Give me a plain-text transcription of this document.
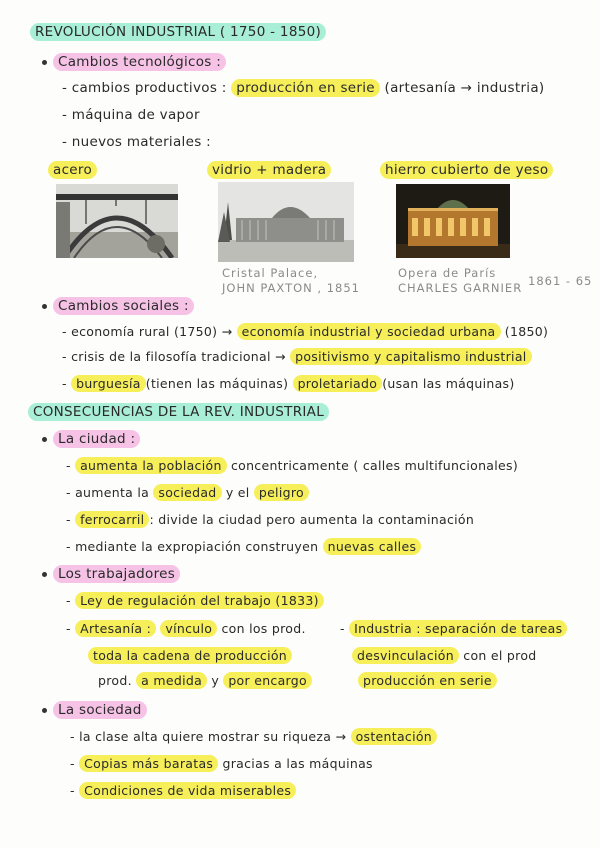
REVOLUCIÓN INDUSTRIAL ( 1750 - 1850)
Cambios tecnológicos :
- cambios productivos : producción en serie (artesanía → industria)
- máquina de vapor
- nuevos materiales :
acero	vidrio + madera	hierro cubierto de yeso
Cristal Palace,
JOHN PAXTON , 1851
Opera de París
CHARLES GARNIER 1861 - 65
Cambios sociales :
- economía rural (1750) → economía industrial y sociedad urbana (1850)
- crisis de la filosofía tradicional → positivismo y capitalismo industrial
- burguesía (tienen las máquinas) proletariado (usan las máquinas)
CONSECUENCIAS DE LA REV. INDUSTRIAL
La ciudad :
- aumenta la población concentricamente ( calles multifuncionales)
- aumenta la sociedad y el peligro
- ferrocarril : divide la ciudad pero aumenta la contaminación
- mediante la expropiación construyen nuevas calles
Los trabajadores
- Ley de regulación del trabajo (1833)
- Artesanía : vínculo con los prod.	- Industria : separación de tareas
toda la cadena de producción	desvinculación con el prod
prod. a medida y por encargo	producción en serie
La sociedad
- la clase alta quiere mostrar su riqueza → ostentación
- Copias más baratas gracias a las máquinas
- Condiciones de vida miserables
